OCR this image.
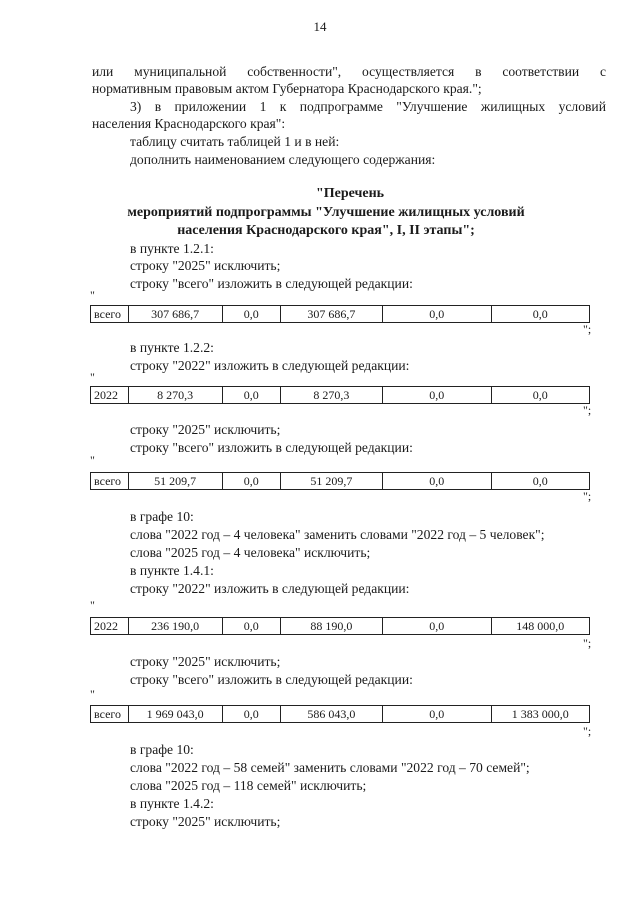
14
или муниципальной собственности", осуществляется в соответствии с
нормативным правовым актом Губернатора Краснодарского края.";
3) в приложении 1 к подпрограмме "Улучшение жилищных условий
населения Краснодарского края":
таблицу считать таблицей 1 и в ней:
дополнить наименованием следующего содержания:
"Перечень
мероприятий подпрограммы "Улучшение жилищных условий
населения Краснодарского края", I, II этапы";
в пункте 1.2.1:
строку "2025" исключить;
строку "всего" изложить в следующей редакции:
"
всего	307 686,7	0,0	307 686,7	0,0	0,0
";
в пункте 1.2.2:
строку "2022" изложить в следующей редакции:
"
2022	8 270,3	0,0	8 270,3	0,0	0,0
";
строку "2025" исключить;
строку "всего" изложить в следующей редакции:
"
всего	51 209,7	0,0	51 209,7	0,0	0,0
";
в графе 10:
слова "2022 год – 4 человека" заменить словами "2022 год – 5 человек";
слова "2025 год – 4 человека" исключить;
в пункте 1.4.1:
строку "2022" изложить в следующей редакции:
"
2022	236 190,0	0,0	88 190,0	0,0	148 000,0
";
строку "2025" исключить;
строку "всего" изложить в следующей редакции:
"
всего	1 969 043,0	0,0	586 043,0	0,0	1 383 000,0
";
в графе 10:
слова "2022 год – 58 семей" заменить словами "2022 год – 70 семей";
слова "2025 год – 118 семей" исключить;
в пункте 1.4.2:
строку "2025" исключить;
